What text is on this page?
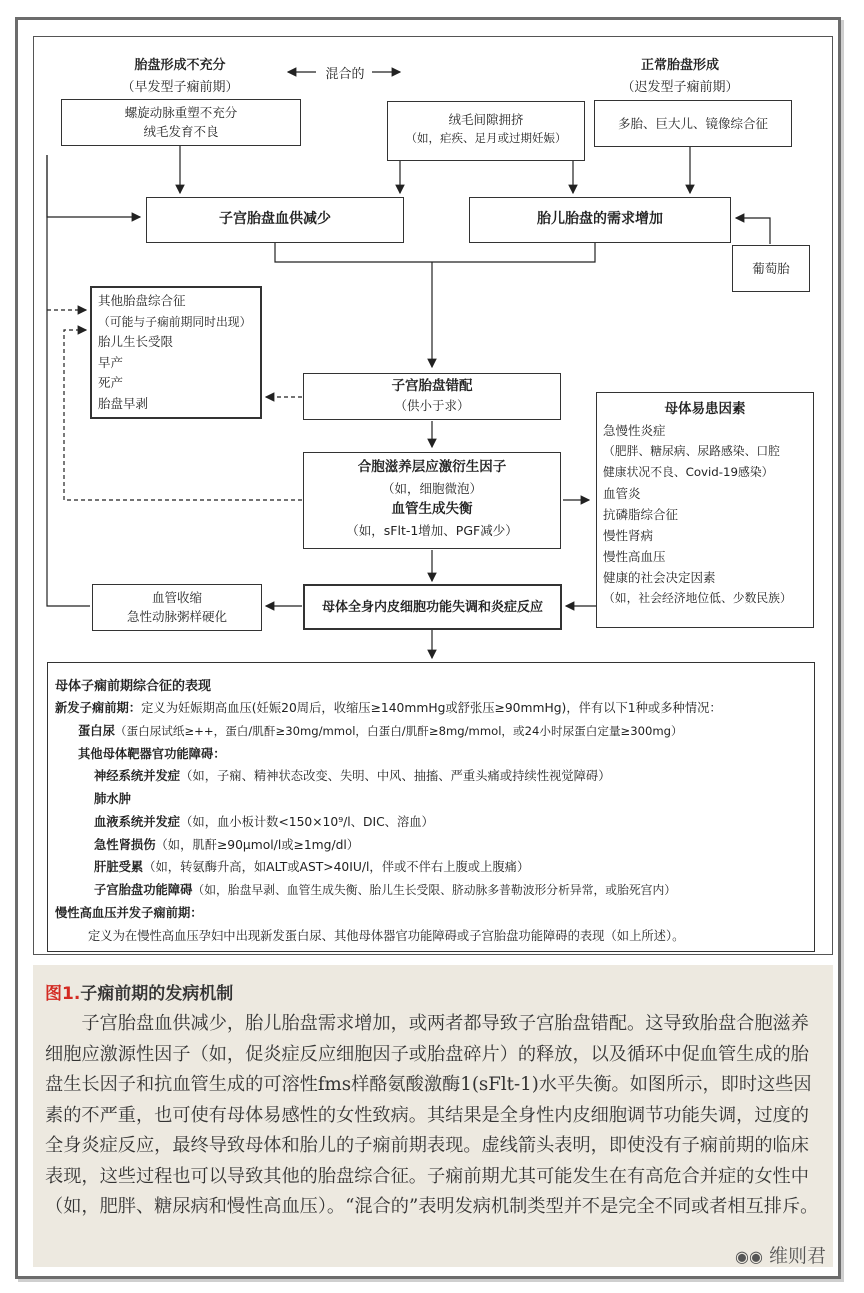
胎盘形成不充分
（早发型子痫前期）
混合的
正常胎盘形成
（迟发型子痫前期）
螺旋动脉重塑不充分
绒毛发育不良
绒毛间隙拥挤
（如，疟疾、足月或过期妊娠）
多胎、巨大儿、镜像综合征
子宫胎盘血供减少	胎儿胎盘的需求增加
葡萄胎
其他胎盘综合征
（可能与子痫前期同时出现）
胎儿生长受限
早产
死产
胎盘早剥
子宫胎盘错配
（供小于求）
合胞滋养层应激衍生因子
（如，细胞微泡）
血管生成失衡
（如，sFlt-1增加、PGF减少）
母体易患因素
急慢性炎症
（肥胖、糖尿病、尿路感染、口腔
健康状况不良、Covid-19感染）
血管炎
抗磷脂综合征
慢性肾病
慢性高血压
健康的社会决定因素
（如，社会经济地位低、少数民族）
血管收缩
急性动脉粥样硬化
母体全身内皮细胞功能失调和炎症反应
母体子痫前期综合征的表现
新发子痫前期：定义为妊娠期高血压(妊娠20周后，收缩压≥140mmHg或舒张压≥90mmHg)，伴有以下1种或多种情况：
蛋白尿（蛋白尿试纸≥++，蛋白/肌酐≥30mg/mmol，白蛋白/肌酐≥8mg/mmol，或24小时尿蛋白定量≥300mg）
其他母体靶器官功能障碍：
神经系统并发症（如，子痫、精神状态改变、失明、中风、抽搐、严重头痛或持续性视觉障碍）
肺水肿
血液系统并发症（如，血小板计数<150×10⁹/l、DIC、溶血）
急性肾损伤（如，肌酐≥90μmol/l或≥1mg/dl）
肝脏受累（如，转氨酶升高，如ALT或AST>40IU/l，伴或不伴右上腹或上腹痛）
子宫胎盘功能障碍（如，胎盘早剥、血管生成失衡、胎儿生长受限、脐动脉多普勒波形分析异常，或胎死宫内）
慢性高血压并发子痫前期：
定义为在慢性高血压孕妇中出现新发蛋白尿、其他母体器官功能障碍或子宫胎盘功能障碍的表现（如上所述）。
图1.子痫前期的发病机制
子宫胎盘血供减少，胎儿胎盘需求增加，或两者都导致子宫胎盘错配。这导致胎盘合胞滋养细胞应激源性因子（如，促炎症反应细胞因子或胎盘碎片）的释放，以及循环中促血管生成的胎盘生长因子和抗血管生成的可溶性fms样酪氨酸激酶1(sFlt-1)水平失衡。如图所示，即时这些因素的不严重，也可使有母体易感性的女性致病。其结果是全身性内皮细胞调节功能失调，过度的全身炎症反应，最终导致母体和胎儿的子痫前期表现。虚线箭头表明，即使没有子痫前期的临床表现，这些过程也可以导致其他的胎盘综合征。子痫前期尤其可能发生在有高危合并症的女性中（如，肥胖、糖尿病和慢性高血压）。“混合的”表明发病机制类型并不是完全不同或者相互排斥。
◉◉ 维则君
